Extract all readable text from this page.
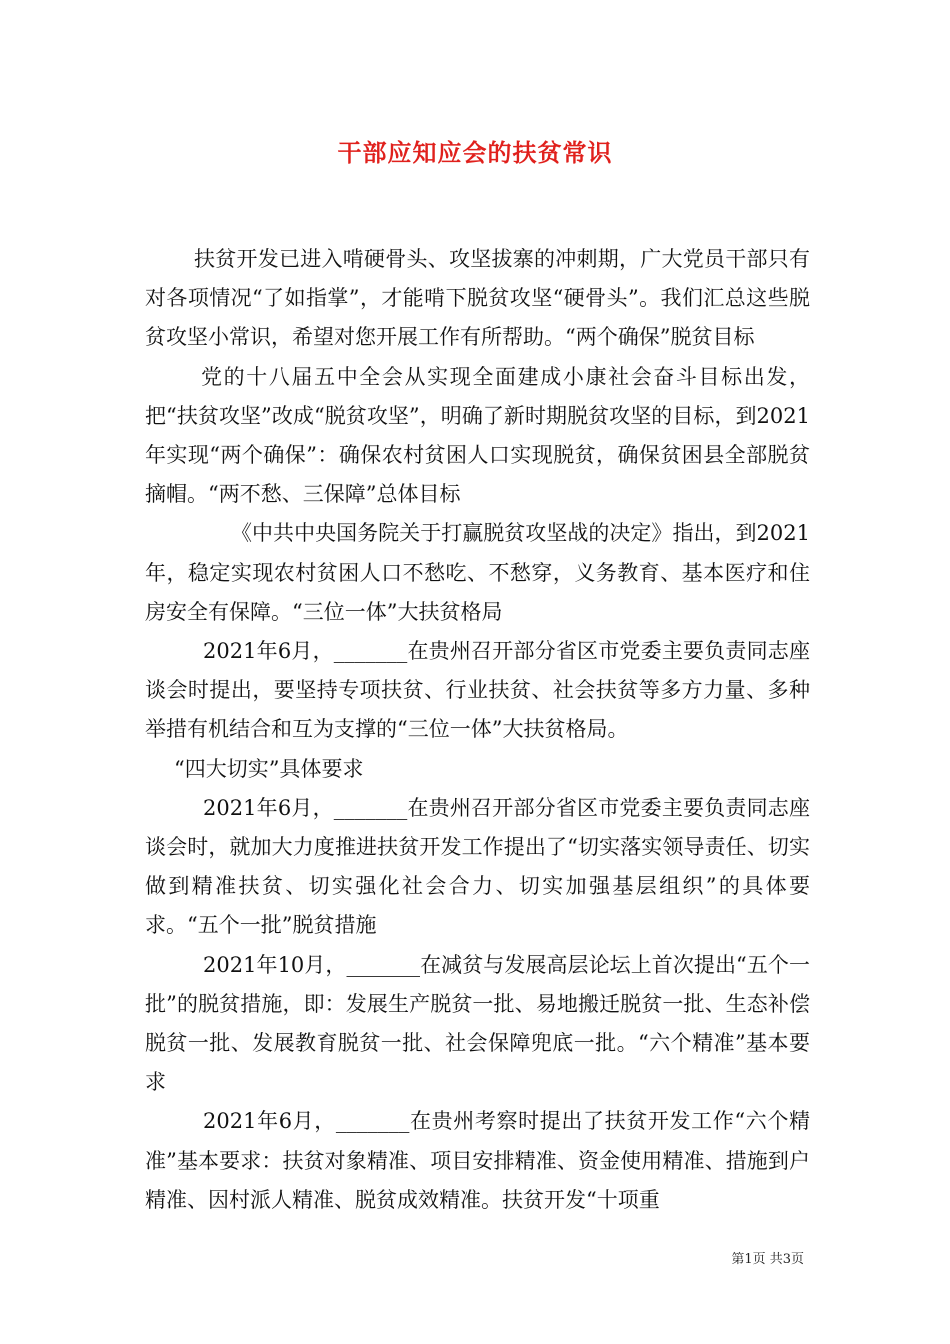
干部应知应会的扶贫常识

扶贫开发已进入啃硬骨头、攻坚拔寨的冲刺期，广大党员干部只有对各项情况“了如指掌”，才能啃下脱贫攻坚“硬骨头”。我们汇总这些脱贫攻坚小常识，希望对您开展工作有所帮助。“两个确保”脱贫目标

党的十八届五中全会从实现全面建成小康社会奋斗目标出发，把“扶贫攻坚”改成“脱贫攻坚”，明确了新时期脱贫攻坚的目标，到2021年实现“两个确保”：确保农村贫困人口实现脱贫，确保贫困县全部脱贫摘帽。“两不愁、三保障”总体目标

《中共中央国务院关于打赢脱贫攻坚战的决定》指出，到2021年，稳定实现农村贫困人口不愁吃、不愁穿，义务教育、基本医疗和住房安全有保障。“三位一体”大扶贫格局

2021年6月，_______在贵州召开部分省区市党委主要负责同志座谈会时提出，要坚持专项扶贫、行业扶贫、社会扶贫等多方力量、多种举措有机结合和互为支撑的“三位一体”大扶贫格局。

“四大切实”具体要求

2021年6月，_______在贵州召开部分省区市党委主要负责同志座谈会时，就加大力度推进扶贫开发工作提出了“切实落实领导责任、切实做到精准扶贫、切实强化社会合力、切实加强基层组织”的具体要求。“五个一批”脱贫措施

2021年10月，_______在减贫与发展高层论坛上首次提出“五个一批”的脱贫措施，即：发展生产脱贫一批、易地搬迁脱贫一批、生态补偿脱贫一批、发展教育脱贫一批、社会保障兜底一批。“六个精准”基本要求

2021年6月，_______在贵州考察时提出了扶贫开发工作“六个精准”基本要求：扶贫对象精准、项目安排精准、资金使用精准、措施到户精准、因村派人精准、脱贫成效精准。扶贫开发“十项重

第1页 共3页
